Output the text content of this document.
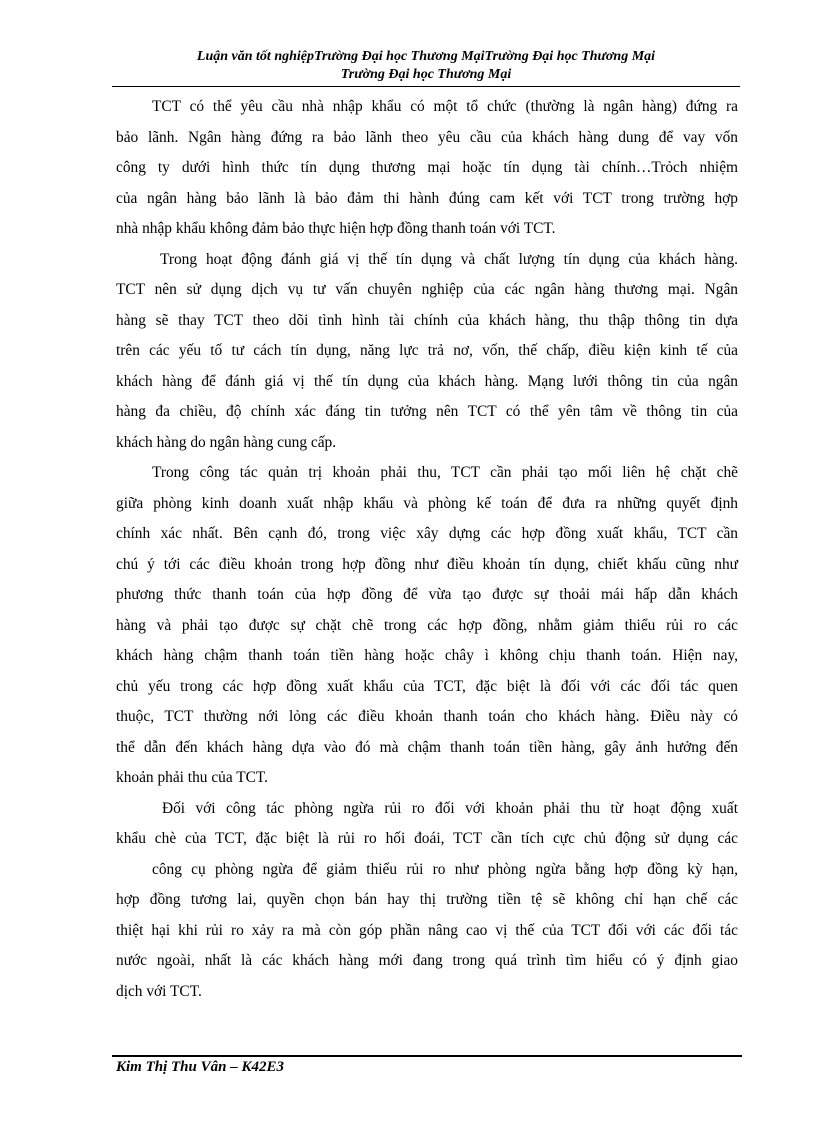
Luận văn tốt nghiệpTrường Đại học Thương MạiTrường Đại học Thương Mại
Trường Đại học Thương Mại

TCT có thể yêu cầu nhà nhập khẩu có một tổ chức (thường là ngân hàng) đứng ra
bảo lãnh. Ngân hàng đứng ra bảo lãnh theo yêu cầu của khách hàng dung để vay vốn
công ty dưới hình thức tín dụng thương mại hoặc tín dụng tài chính…Trỏch nhiệm
của ngân hàng bảo lãnh là bảo đảm thi hành đúng cam kết với TCT trong trường hợp
nhà nhập khẩu không đảm bảo thực hiện hợp đồng thanh toán với TCT.

Trong hoạt động đánh giá vị thế tín dụng và chất lượng tín dụng của khách hàng.
TCT nên sử dụng dịch vụ tư vấn chuyên nghiệp của các ngân hàng thương mại. Ngân
hàng sẽ thay TCT theo dõi tình hình tài chính của khách hàng, thu thập thông tin dựa
trên các yếu tố tư cách tín dụng, năng lực trả nơ, vốn, thế chấp, điều kiện kinh tế của
khách hàng để đánh giá vị thế tín dụng của khách hàng. Mạng lưới thông tin của ngân
hàng đa chiều, độ chính xác đáng tin tưởng nên TCT có thể yên tâm về thông tin của
khách hàng do ngân hàng cung cấp.

Trong công tác quản trị khoản phải thu, TCT cần phải tạo mối liên hệ chặt chẽ
giữa phòng kinh doanh xuất nhập khẩu và phòng kế toán để đưa ra những quyết định
chính xác nhất. Bên cạnh đó, trong việc xây dựng các hợp đồng xuất khẩu, TCT cần
chú ý tới các điều khoản trong hợp đồng như điều khoản tín dụng, chiết khấu cũng như
phương thức thanh toán của hợp đồng để vừa tạo được sự thoải mái hấp dẫn khách
hàng và phải tạo được sự chặt chẽ trong các hợp đồng, nhằm giảm thiểu rủi ro các
khách hàng chậm thanh toán tiền hàng hoặc chây ì không chịu thanh toán. Hiện nay,
chủ yếu trong các hợp đồng xuất khẩu của TCT, đặc biệt là đối với các đối tác quen
thuộc, TCT thường nới lỏng các điều khoản thanh toán cho khách hàng. Điều này có
thể dẫn đến khách hàng dựa vào đó mà chậm thanh toán tiền hàng, gây ảnh hưởng đến
khoản phải thu của TCT.

Đối với công tác phòng ngừa rủi ro đối với khoản phải thu từ hoạt động xuất
khẩu chè của TCT, đặc biệt là rủi ro hối đoái, TCT cần tích cực chủ động sử dụng các

công cụ phòng ngừa để giảm thiểu rủi ro như phòng ngừa bằng hợp đồng kỳ hạn,
hợp đồng tương lai, quyền chọn bán hay thị trường tiền tệ sẽ không chỉ hạn chế các
thiệt hại khi rủi ro xảy ra mà còn góp phần nâng cao vị thế của TCT đối với các đối tác
nước ngoài, nhất là các khách hàng mới đang trong quá trình tìm hiểu có ý định giao
dịch với TCT.

Kim Thị Thu Vân – K42E3
